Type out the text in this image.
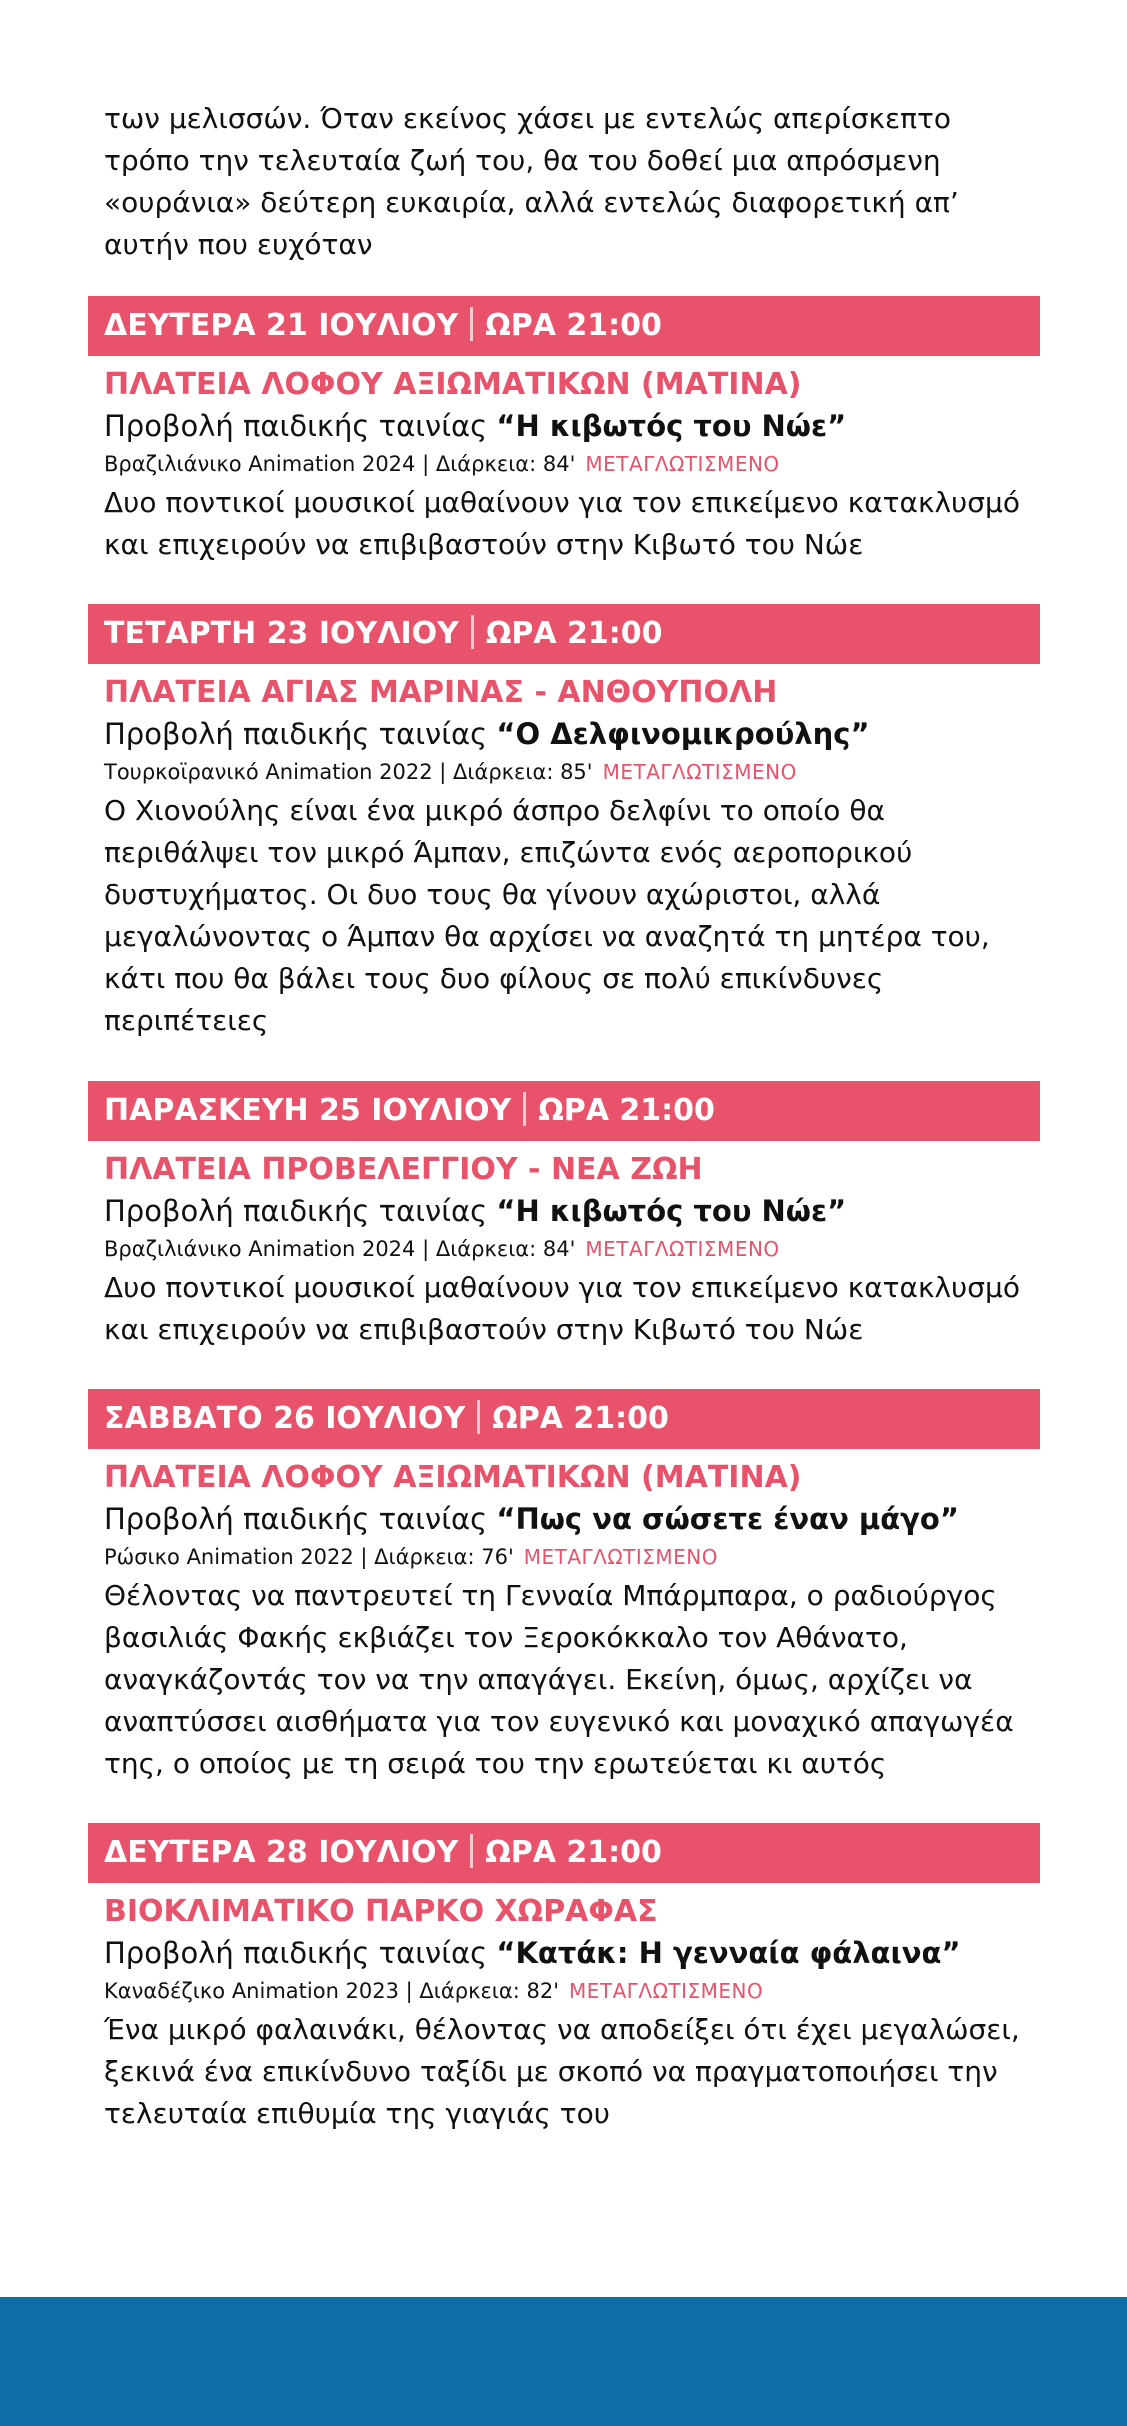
των μελισσών. Όταν εκείνος χάσει με εντελώς απερίσκεπτο

τρόπο την τελευταία ζωή του, θα του δοθεί μια απρόσμενη

«ουράνια» δεύτερη ευκαιρία, αλλά εντελώς διαφορετική απ’

αυτήν που ευχόταν

ΔΕΥΤΕΡΑ 21 ΙΟΥΛΙΟΥ ΩΡΑ 21:00
ΠΛΑΤΕΙΑ ΛΟΦΟΥ ΑΞΙΩΜΑΤΙΚΩΝ (ΜΑΤΙΝΑ)
Προβολή παιδικής ταινίας “Η κιβωτός του Νώε”
Βραζιλιάνικο Animation 2024 | Διάρκεια: 84' ΜΕΤΑΓΛΩΤΙΣΜΕΝΟ

Δυο ποντικοί μουσικοί μαθαίνουν για τον επικείμενο κατακλυσμό

και επιχειρούν να επιβιβαστούν στην Κιβωτό του Νώε

ΤΕΤΑΡΤΗ 23 ΙΟΥΛΙΟΥ ΩΡΑ 21:00
ΠΛΑΤΕΙΑ ΑΓΙΑΣ ΜΑΡΙΝΑΣ - ΑΝΘΟΥΠΟΛΗ
Προβολή παιδικής ταινίας “Ο Δελφινομικρούλης”
Τουρκοϊρανικό Animation 2022 | Διάρκεια: 85' ΜΕΤΑΓΛΩΤΙΣΜΕΝΟ

Ο Χιονούλης είναι ένα μικρό άσπρο δελφίνι το οποίο θα

περιθάλψει τον μικρό Άμπαν, επιζώντα ενός αεροπορικού

δυστυχήματος. Οι δυο τους θα γίνουν αχώριστοι, αλλά

μεγαλώνοντας ο Άμπαν θα αρχίσει να αναζητά τη μητέρα του,

κάτι που θα βάλει τους δυο φίλους σε πολύ επικίνδυνες

περιπέτειες

ΠΑΡΑΣΚΕΥΗ 25 ΙΟΥΛΙΟΥ ΩΡΑ 21:00
ΠΛΑΤΕΙΑ ΠΡΟΒΕΛΕΓΓΙΟΥ - ΝΕΑ ΖΩΗ
Προβολή παιδικής ταινίας “Η κιβωτός του Νώε”
Βραζιλιάνικο Animation 2024 | Διάρκεια: 84' ΜΕΤΑΓΛΩΤΙΣΜΕΝΟ

Δυο ποντικοί μουσικοί μαθαίνουν για τον επικείμενο κατακλυσμό

και επιχειρούν να επιβιβαστούν στην Κιβωτό του Νώε

ΣΑΒΒΑΤΟ 26 ΙΟΥΛΙΟΥ ΩΡΑ 21:00
ΠΛΑΤΕΙΑ ΛΟΦΟΥ ΑΞΙΩΜΑΤΙΚΩΝ (ΜΑΤΙΝΑ)
Προβολή παιδικής ταινίας “Πως να σώσετε έναν μάγο”
Ρώσικο Animation 2022 | Διάρκεια: 76' ΜΕΤΑΓΛΩΤΙΣΜΕΝΟ

Θέλοντας να παντρευτεί τη Γενναία Μπάρμπαρα, ο ραδιούργος

βασιλιάς Φακής εκβιάζει τον Ξεροκόκκαλο τον Αθάνατο,

αναγκάζοντάς τον να την απαγάγει. Εκείνη, όμως, αρχίζει να

αναπτύσσει αισθήματα για τον ευγενικό και μοναχικό απαγωγέα

της, ο οποίος με τη σειρά του την ερωτεύεται κι αυτός

ΔΕΥΤΕΡΑ 28 ΙΟΥΛΙΟΥ ΩΡΑ 21:00
ΒΙΟΚΛΙΜΑΤΙΚΟ ΠΑΡΚΟ ΧΩΡΑΦΑΣ
Προβολή παιδικής ταινίας “Κατάκ: Η γενναία φάλαινα”
Καναδέζικο Animation 2023 | Διάρκεια: 82' ΜΕΤΑΓΛΩΤΙΣΜΕΝΟ

Ένα μικρό φαλαινάκι, θέλοντας να αποδείξει ότι έχει μεγαλώσει,

ξεκινά ένα επικίνδυνο ταξίδι με σκοπό να πραγματοποιήσει την

τελευταία επιθυμία της γιαγιάς του
